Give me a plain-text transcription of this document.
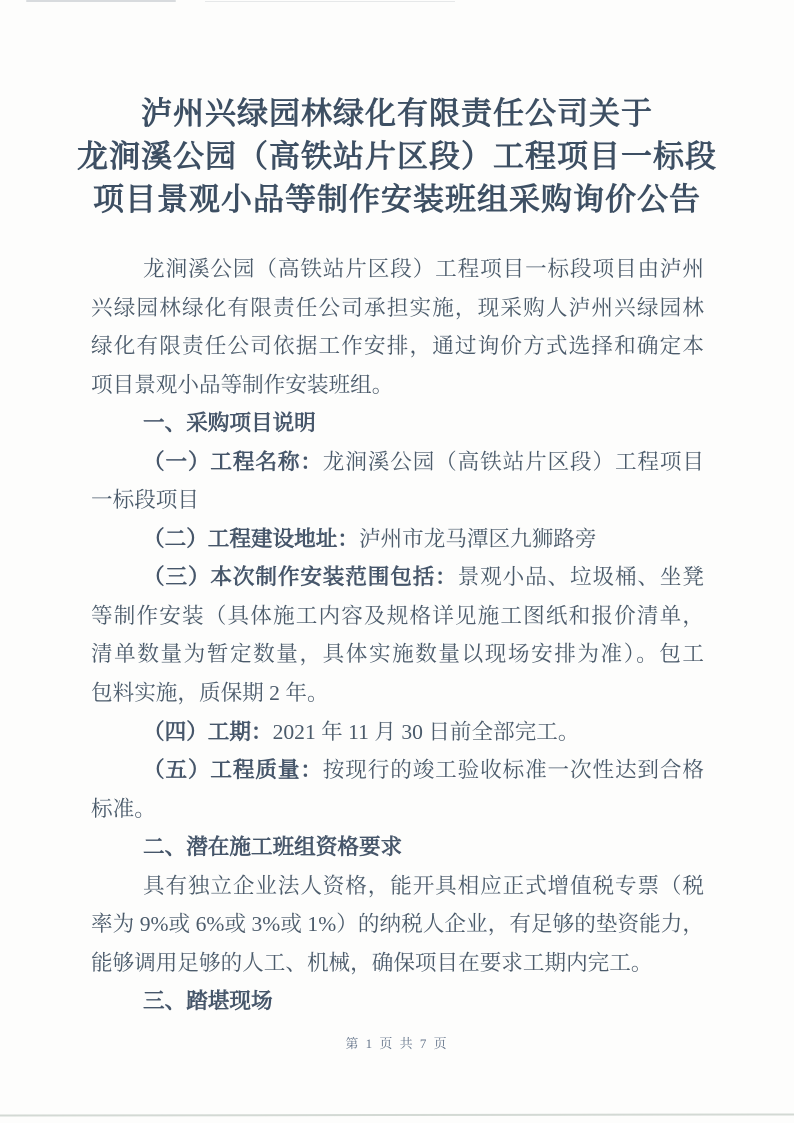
泸州兴绿园林绿化有限责任公司关于
龙涧溪公园（高铁站片区段）工程项目一标段
项目景观小品等制作安装班组采购询价公告
龙涧溪公园（高铁站片区段）工程项目一标段项目由泸州
兴绿园林绿化有限责任公司承担实施，现采购人泸州兴绿园林
绿化有限责任公司依据工作安排，通过询价方式选择和确定本
项目景观小品等制作安装班组。
一、采购项目说明
（一）工程名称：龙涧溪公园（高铁站片区段）工程项目
一标段项目
（二）工程建设地址：泸州市龙马潭区九狮路旁
（三）本次制作安装范围包括：景观小品、垃圾桶、坐凳
等制作安装（具体施工内容及规格详见施工图纸和报价清单，
清单数量为暂定数量，具体实施数量以现场安排为准）。包工
包料实施，质保期 2 年。
（四）工期：2021 年 11 月 30 日前全部完工。
（五）工程质量：按现行的竣工验收标准一次性达到合格
标准。
二、潜在施工班组资格要求
具有独立企业法人资格，能开具相应正式增值税专票（税
率为 9%或 6%或 3%或 1%）的纳税人企业，有足够的垫资能力，
能够调用足够的人工、机械，确保项目在要求工期内完工。
三、踏堪现场
第 1 页 共 7 页
